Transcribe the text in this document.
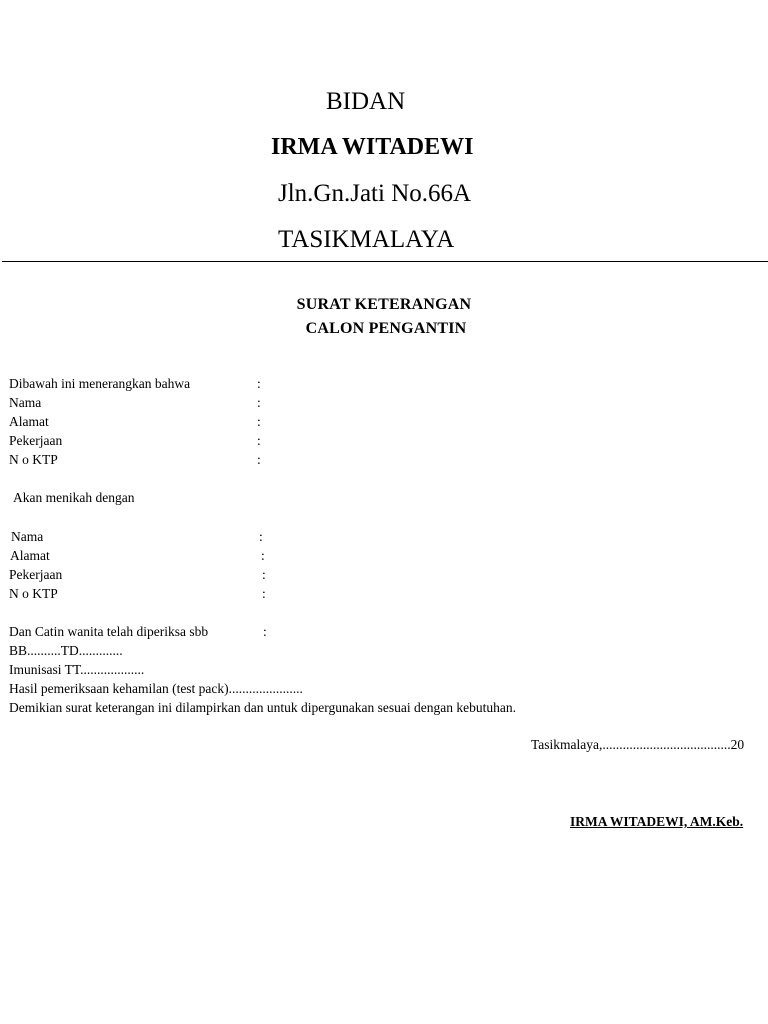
BIDAN
IRMA WITADEWI
Jln.Gn.Jati No.66A
TASIKMALAYA
SURAT KETERANGAN
CALON PENGANTIN
Dibawah ini menerangkan bahwa	:
Nama	:
Alamat	:
Pekerjaan	:
N o KTP	:
Akan menikah dengan
Nama	:
Alamat	:
Pekerjaan	:
N o KTP	:
Dan Catin wanita telah diperiksa sbb	:
BB..........TD.............
Imunisasi TT...................
Hasil pemeriksaan kehamilan (test pack)......................
Demikian surat keterangan ini dilampirkan dan untuk dipergunakan sesuai dengan kebutuhan.
Tasikmalaya,......................................20
IRMA WITADEWI, AM.Keb.
